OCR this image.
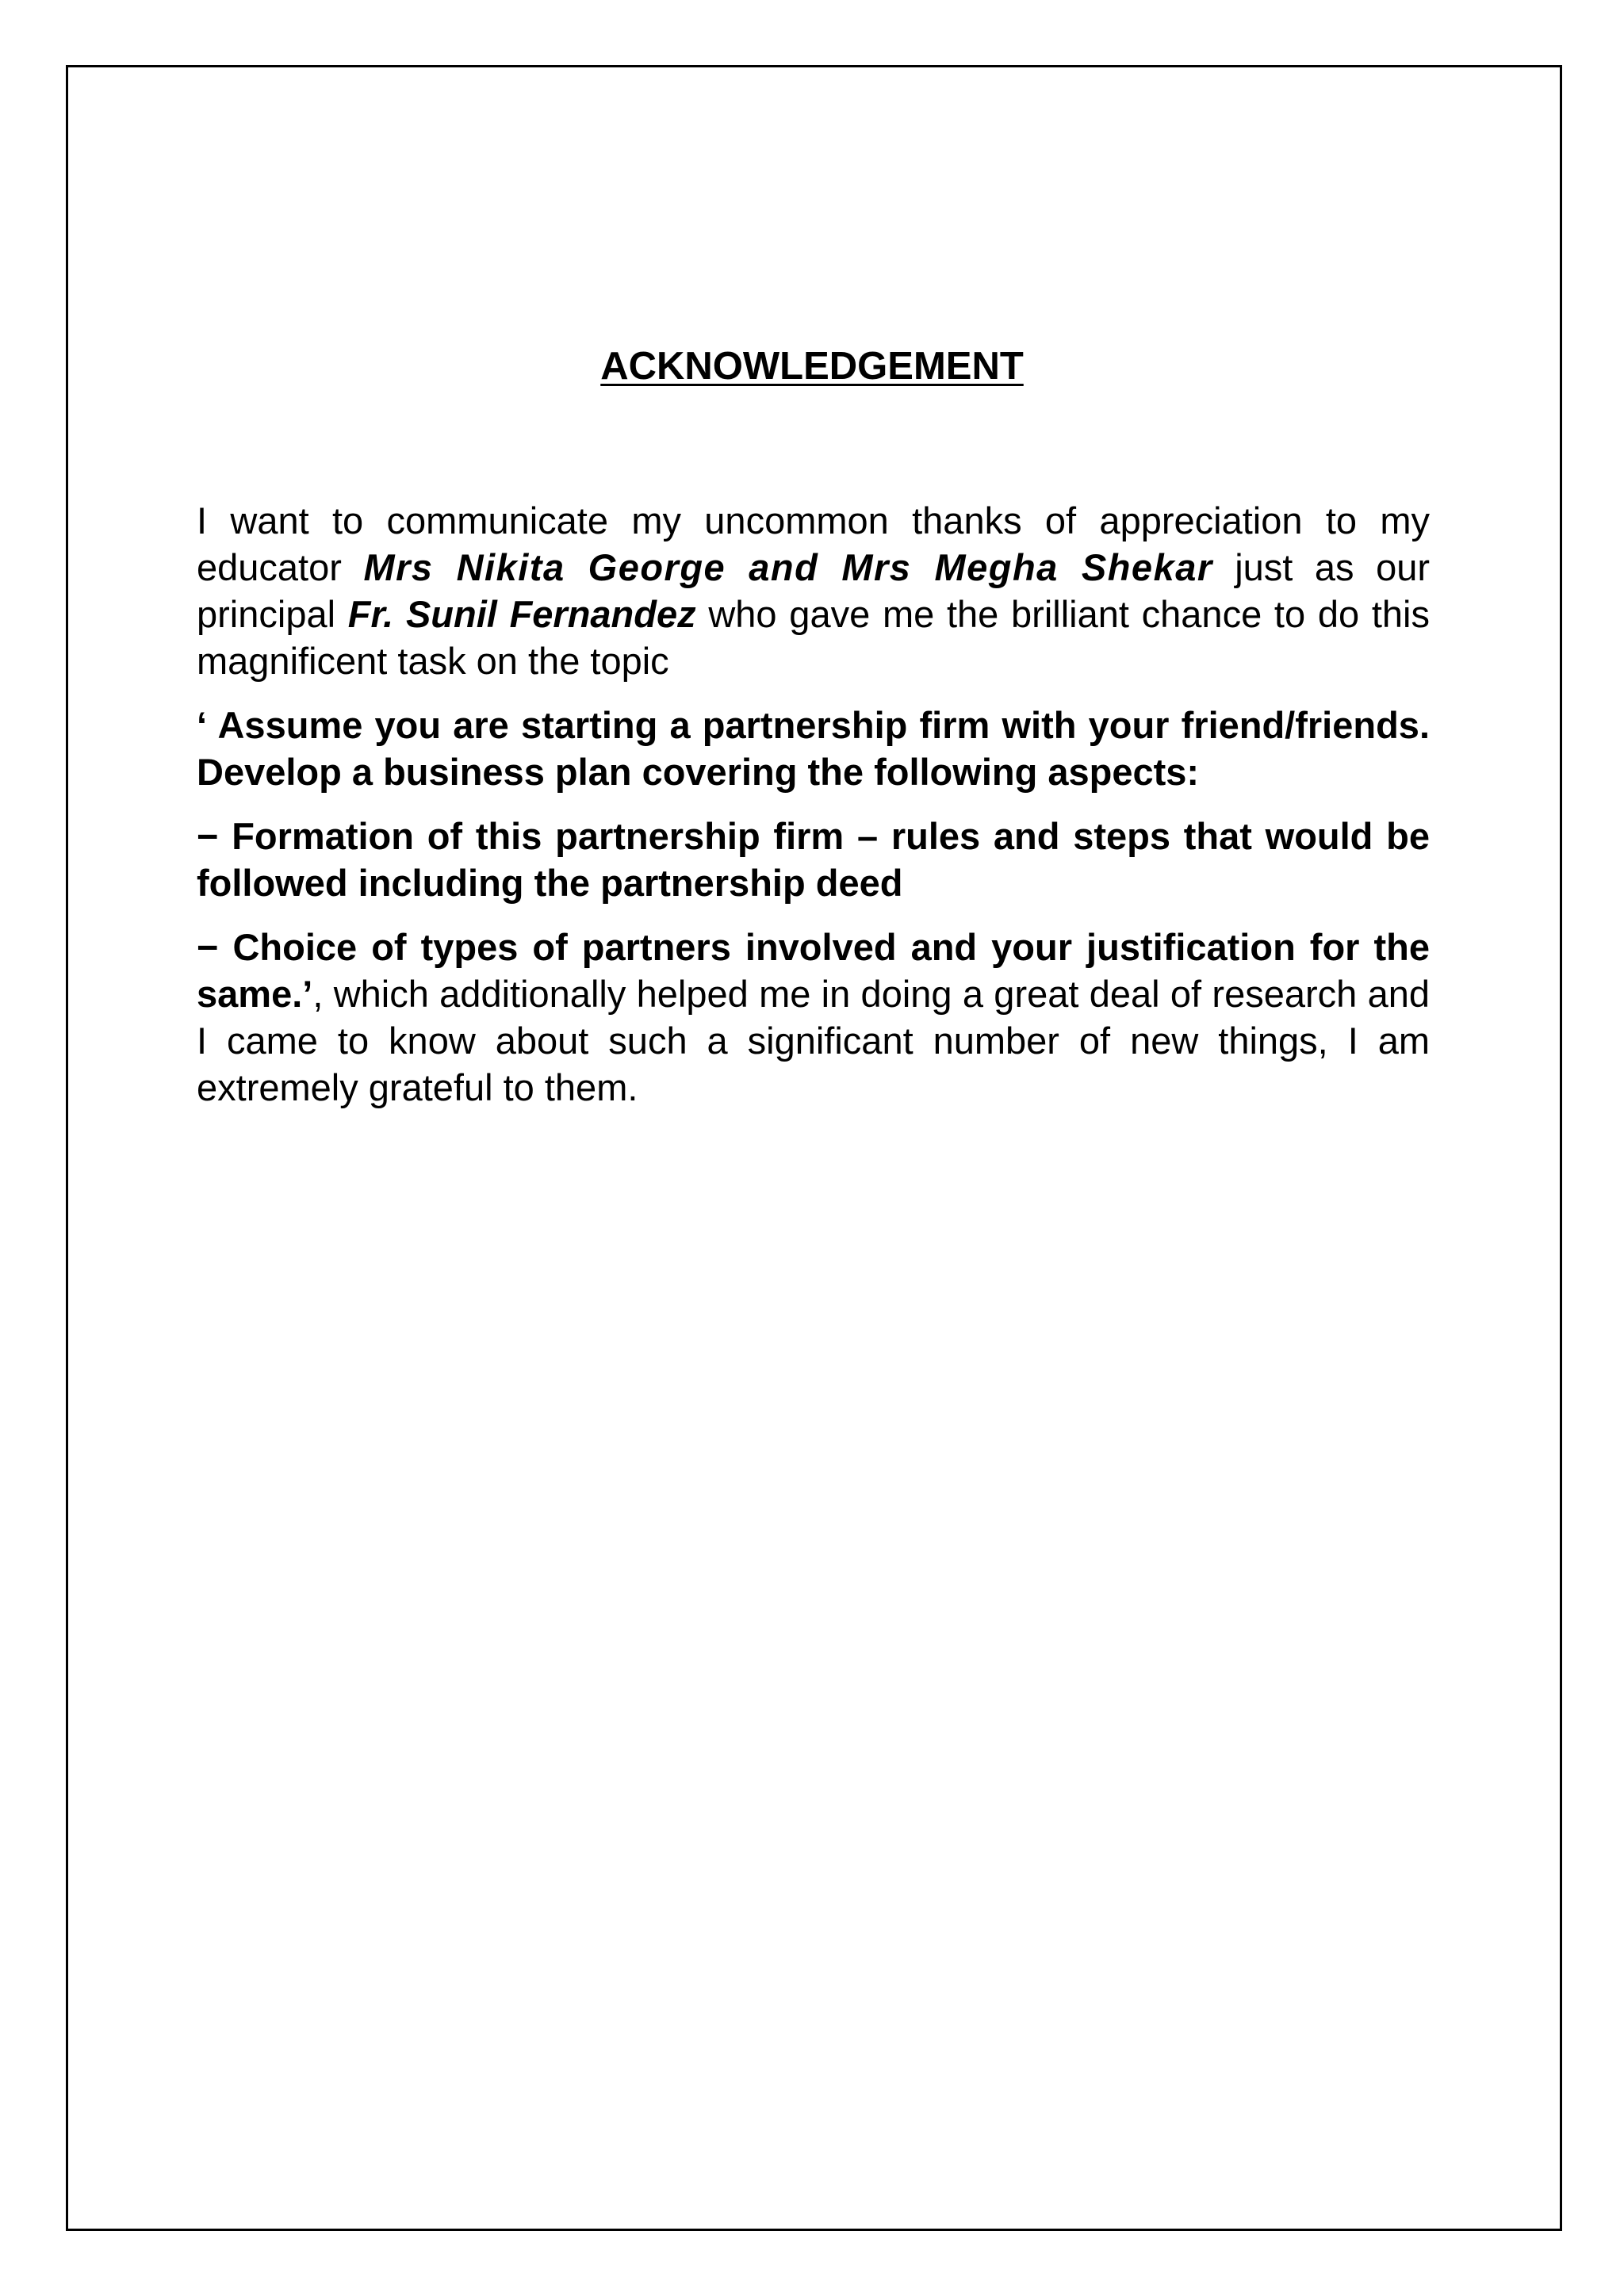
ACKNOWLEDGEMENT

I want to communicate my uncommon thanks of appreciation to my educator Mrs Nikita George and Mrs Megha Shekar just as our principal Fr. Sunil Fernandez who gave me the brilliant chance to do this magnificent task on the topic

‘ Assume you are starting a partnership firm with your friend/friends. Develop a business plan covering the following aspects:

− Formation of this partnership firm – rules and steps that would be followed including the partnership deed

− Choice of types of partners involved and your justification for the same.’, which additionally helped me in doing a great deal of research and I came to know about such a significant number of new things, I am extremely grateful to them.
